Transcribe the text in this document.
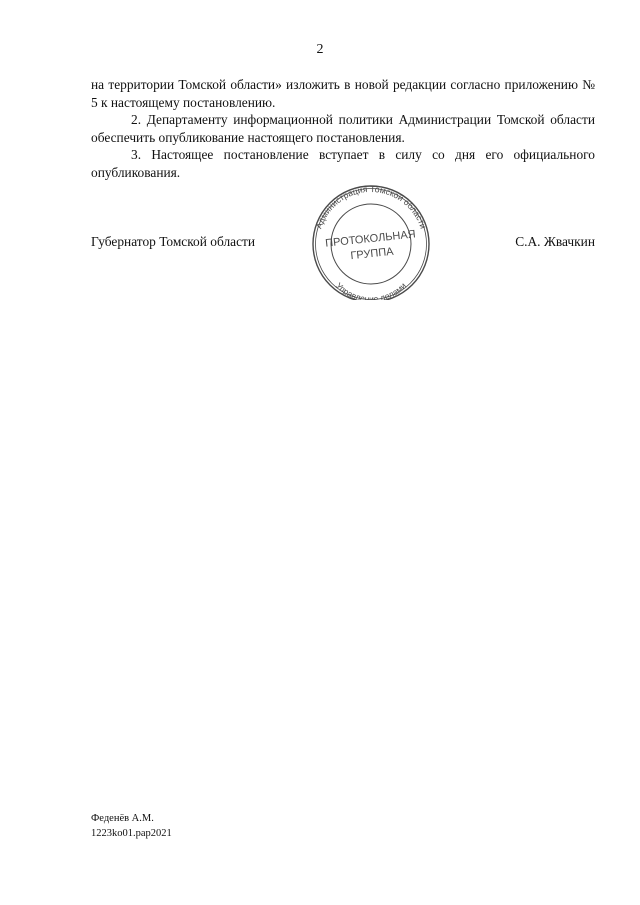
2

на территории Томской области» изложить в новой редакции согласно приложению № 5 к настоящему постановлению.

2. Департаменту информационной политики Администрации Томской области обеспечить опубликование настоящего постановления.

3. Настоящее постановление вступает в силу со дня его официального опубликования.

Губернатор Томской области	С.А. Жвачкин
Администрация Томской области
Управление делами
ПРОТОКОЛЬНАЯ
ГРУППА
Феденёв А.М.
1223ko01.pap2021
